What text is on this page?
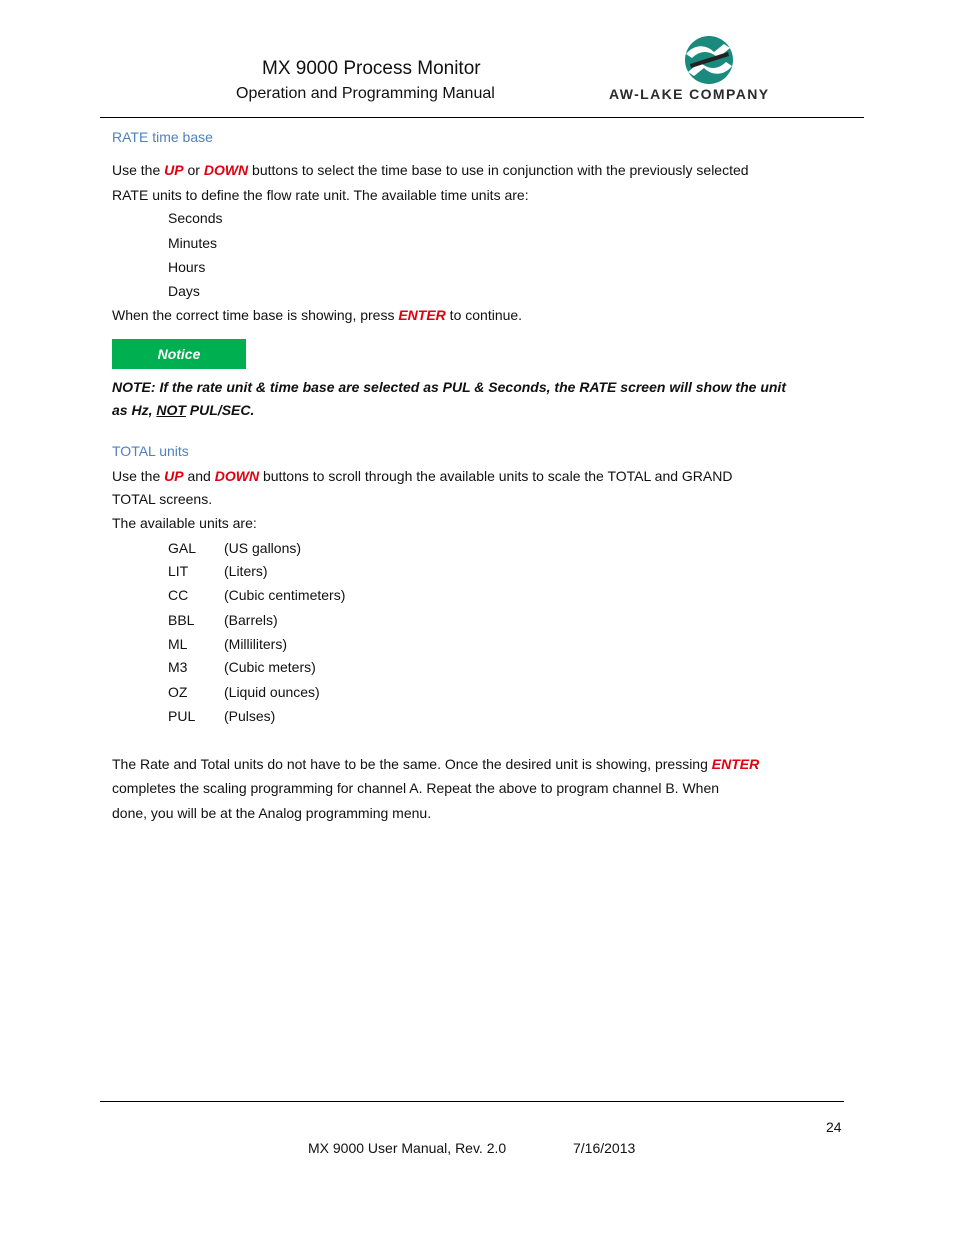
MX 9000 Process Monitor
Operation and Programming Manual	AW-LAKE COMPANY
RATE time base
Use the UP or DOWN buttons to select the time base to use in conjunction with the previously selected
RATE units to define the flow rate unit. The available time units are:
Seconds
Minutes
Hours
Days
When the correct time base is showing, press ENTER to continue.
Notice
NOTE: If the rate unit & time base are selected as PUL & Seconds, the RATE screen will show the unit
as Hz, NOT PUL/SEC.
TOTAL units
Use the UP and DOWN buttons to scroll through the available units to scale the TOTAL and GRAND
TOTAL screens.
The available units are:
GAL (US gallons)
LIT	(Liters)
CC	(Cubic centimeters)
BBL (Barrels)
ML	(Milliliters)
M3	(Cubic meters)
OZ	(Liquid ounces)
PUL (Pulses)
The Rate and Total units do not have to be the same. Once the desired unit is showing, pressing ENTER
completes the scaling programming for channel A. Repeat the above to program channel B. When
done, you will be at the Analog programming menu.
24
MX 9000 User Manual, Rev. 2.0	7/16/2013
